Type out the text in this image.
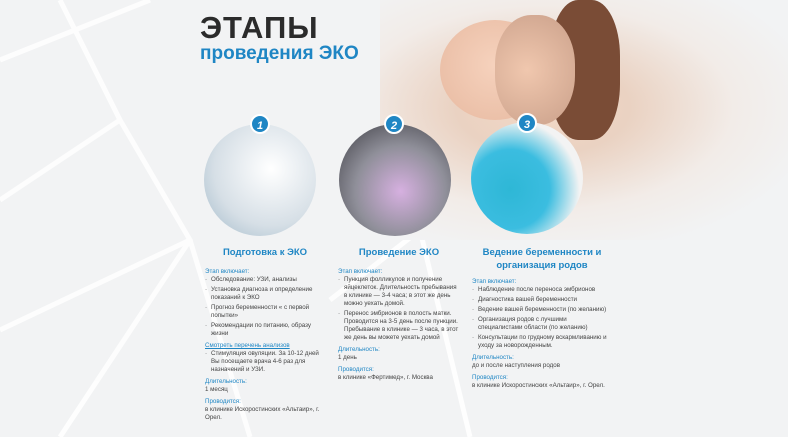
ЭТАПЫ
проведения ЭКО
1	2	3
Подготовка к ЭКО
Этап включает:
· Обследование: УЗИ, анализы
· Установка диагноза и определение показаний к ЭКО
· Прогноз беременности « с первой попытки»
· Рекомендации по питанию, образу жизни
Смотреть перечень анализов
· Стимуляция овуляции. За 10-12 дней Вы посещаете врача 4-6 раз для назначений и УЗИ.
Длительность:
1 месяц
Проводится:
в клинике Искоростинских «Альтаир», г. Орел.
Проведение ЭКО
Этап включает:
· Пункция фолликулов и получение яйцеклеток. Длительность пребывания в клинике — 3-4 часа; в этот же день можно уехать домой.
· Перенос эмбрионов в полость матки. Проводится на 3-5 день после пункции. Пребывание в клинике — 3 часа, в этот же день вы можете уехать домой
Длительность:
1 день
Проводится:
в клинике «Фертимед», г. Москва
Ведение беременности и организация родов
Этап включает:
· Наблюдение после переноса эмбрионов
· Диагностика вашей беременности
· Ведение вашей беременности (по желанию)
· Организация родов с лучшими специалистами области (по желанию)
· Консультации по грудному вскармливанию и уходу за новорожденным.
Длительность:
до и после наступления родов
Проводится:
в клинике Искоростинских «Альтаир», г. Орел.
